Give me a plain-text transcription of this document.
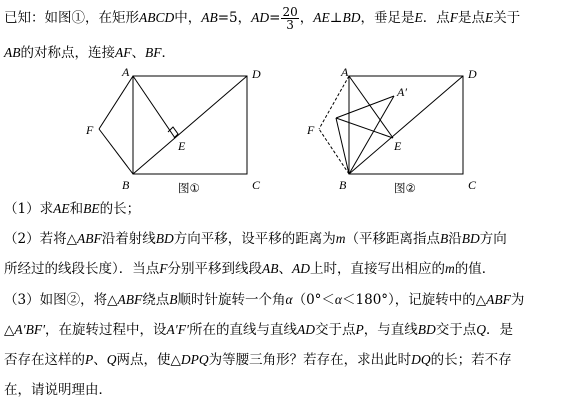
已知：如图①，在矩形ABCD中，AB=5，$AD= \frac{20}{3}$ ，AE⊥BD，垂足是E．点F是点E关于
AB的对称点，连接AF、BF．
A
B	C
D
E
F
图①
A
B	C
D
E
F
A′
图②
（1）求AE和BE的长；
（2）若将△ABF沿着射线BD方向平移，设平移的距离为m（平移距离指点B沿BD方向
所经过的线段长度）．当点F分别平移到线段AB、AD上时，直接写出相应的m的值．
（3）如图②，将△ABF绕点B顺时针旋转一个角α（0°＜α＜180°），记旋转中的△ABF为
△A′BF′，在旋转过程中，设A′F′所在的直线与直线AD交于点P，与直线BD交于点Q．是
否存在这样的P、Q两点，使△DPQ为等腰三角形？若存在，求出此时DQ的长；若不存
在，请说明理由．
